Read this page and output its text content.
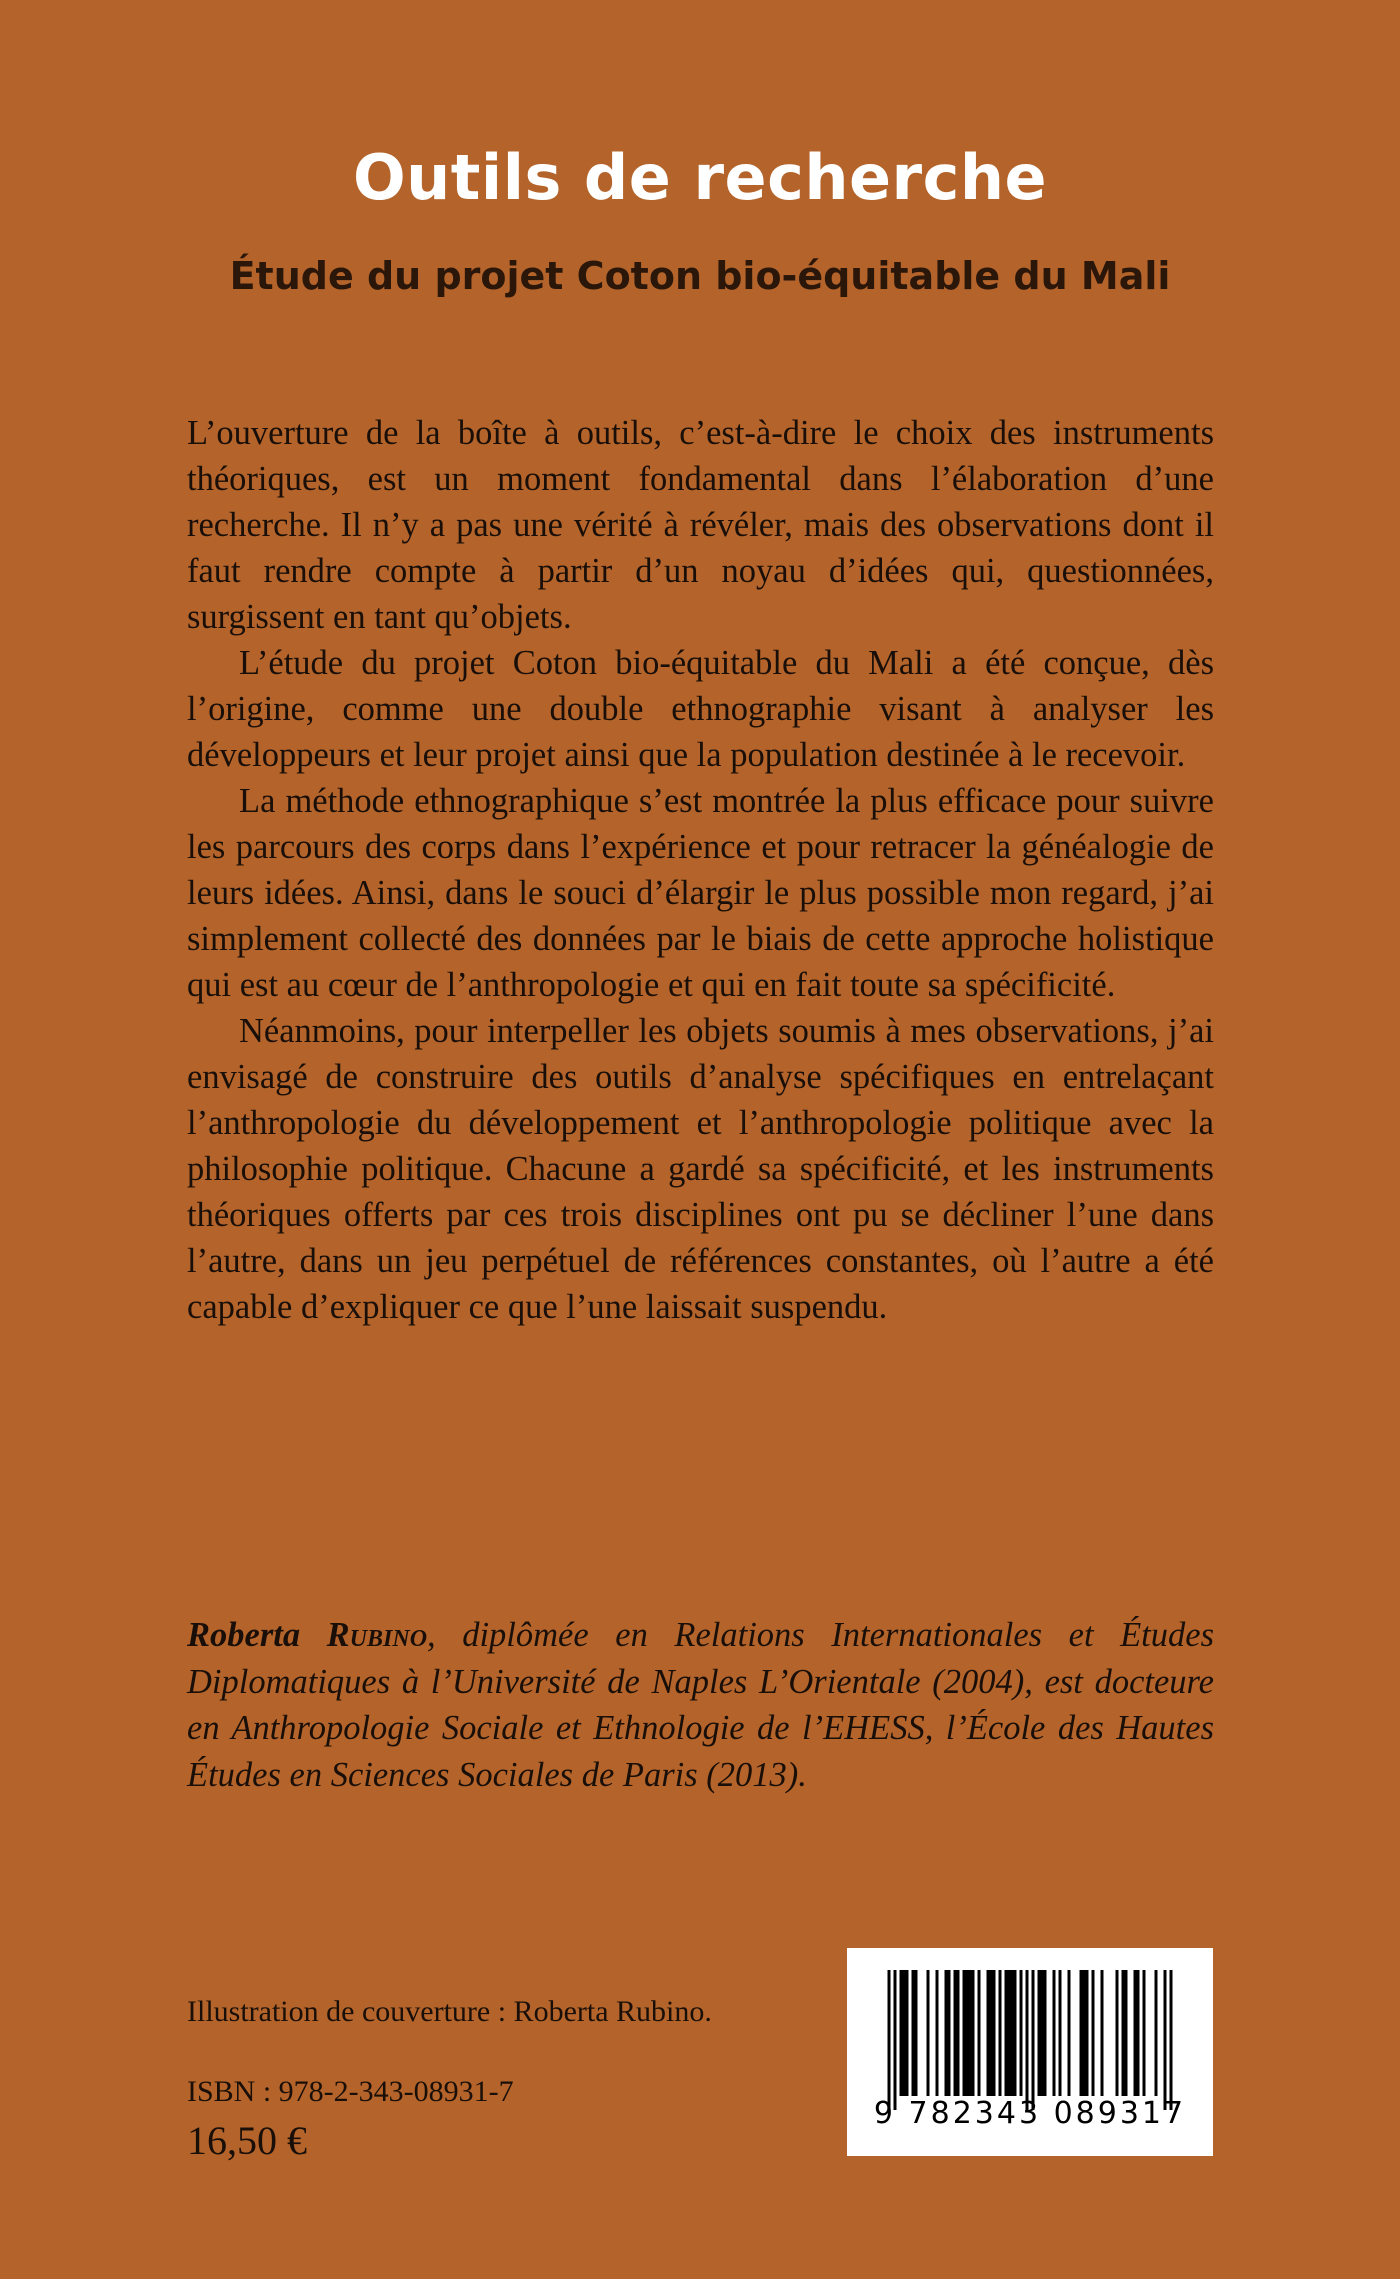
Outils de recherche
Étude du projet Coton bio-équitable du Mali

L’ouverture de la boîte à outils, c’est-à-dire le choix des instruments théoriques, est un moment fondamental dans l’élaboration d’une recherche. Il n’y a pas une vérité à révéler, mais des observations dont il faut rendre compte à partir d’un noyau d’idées qui, questionnées, surgissent en tant qu’objets.

L’étude du projet Coton bio-équitable du Mali a été conçue, dès l’origine, comme une double ethnographie visant à analyser les développeurs et leur projet ainsi que la population destinée à le recevoir.

La méthode ethnographique s’est montrée la plus efficace pour suivre les parcours des corps dans l’expérience et pour retracer la généalogie de leurs idées. Ainsi, dans le souci d’élargir le plus possible mon regard, j’ai simplement collecté des données par le biais de cette approche holistique qui est au cœur de l’anthropologie et qui en fait toute sa spécificité.

Néanmoins, pour interpeller les objets soumis à mes observations, j’ai envisagé de construire des outils d’analyse spécifiques en entrelaçant l’anthropologie du développement et l’anthropologie politique avec la philosophie politique. Chacune a gardé sa spécificité, et les instruments théoriques offerts par ces trois disciplines ont pu se décliner l’une dans l’autre, dans un jeu perpétuel de références constantes, où l’autre a été capable d’expliquer ce que l’une laissait suspendu.

Roberta Rubino, diplômée en Relations Internationales et Études Diplomatiques à l’Université de Naples L’Orientale (2004), est docteure en Anthropologie Sociale et Ethnologie de l’EHESS, l’École des Hautes Études en Sciences Sociales de Paris (2013).
Illustration de couverture : Roberta Rubino.
ISBN : 978-2-343-08931-7
16,50 €
9 782343 089317
